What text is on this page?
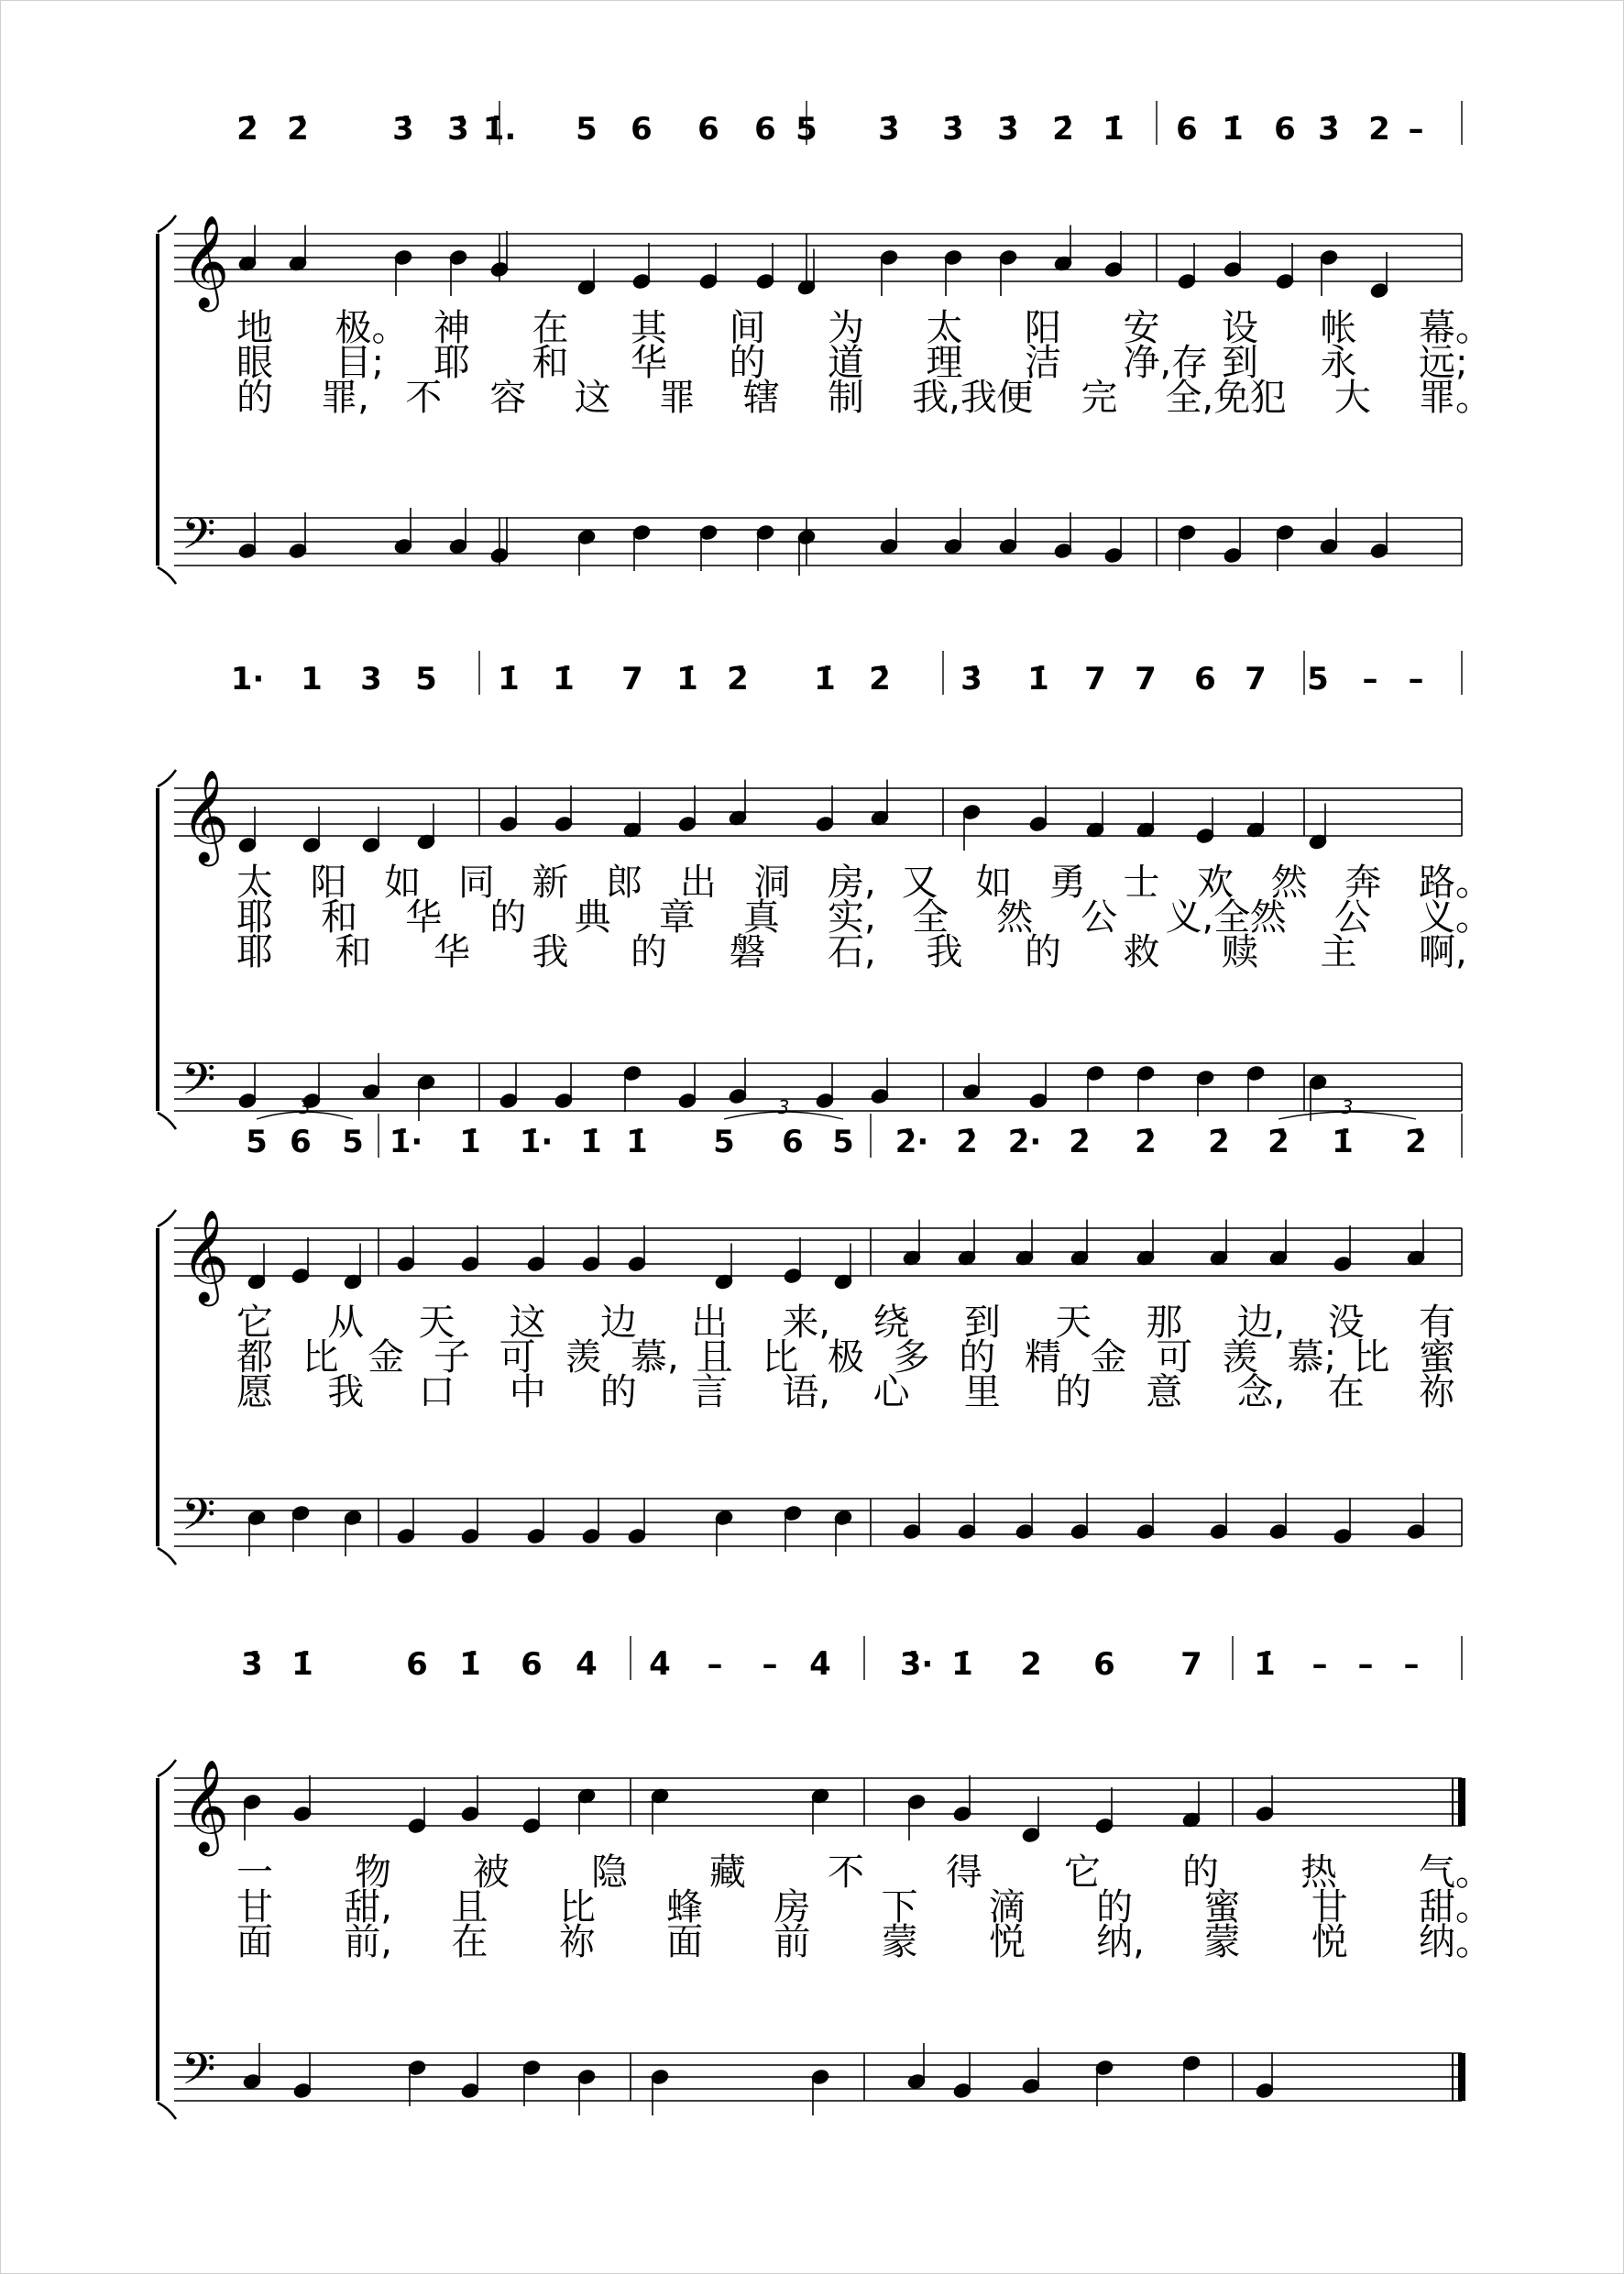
2̇ 2̇	3̇ 3̇ 1̇. 5 6 6 6 5 3̇ 3̇ 3̇ 2̇ 1̇ 6 1̇ 6 3̇ 2 –
地 极。 神 在 其 间 为 太 阳 安 设 帐 幕。
眼 目; 耶 和 华 的 道 理 洁 净,存 到 永 远;
的 罪, 不 容 这 罪 辖 制 我,我 便 完 全,免 犯 大 罪。
𝄞
𝄢
1· 1 3 5 1̇ 1̇ 7 1̇ 2̇ 1̇ 2̇ 3̇ 1̇ 7 7 6 7 5 – –
太 阳 如 同 新 郎 出 洞 房, 又 如 勇 士 欢 然 奔 路。
耶 和 华 的 典 章 真 实, 全 然 公 义,全 然 公 义。
耶 和 华 我 的 磐 石, 我 的 救 赎 主 啊,
𝄞
𝄢
5 6 5 1̇· 1̇ 1̇· 1̇ 1̇ 5 6 5 2̇· 2̇ 2̇· 2̇ 2̇ 2̇ 2̇ 1̇ 2̇
它 从 天 这 边 出 来, 绕 到 天 那 边, 没 有
都 比 金 子 可 羡 慕, 且 比 极 多 的 精 金 可 羡 慕; 比 蜜
愿 我 口 中 的 言 语, 心 里 的 意 念, 在 祢
3	3	3
𝄞
𝄢
3̇ 1̇	6 1̇ 6 4̇ 4̇ – – 4̇ 3̇· 1̇ 2 6 7 1̇ – – –
一 物 被 隐 藏 不 得 它 的 热 气。
甘 甜, 且 比 蜂 房 下 滴 的 蜜 甘 甜。
面 前, 在 祢 面 前 蒙 悦 纳, 蒙 悦 纳。
𝄞
𝄢
